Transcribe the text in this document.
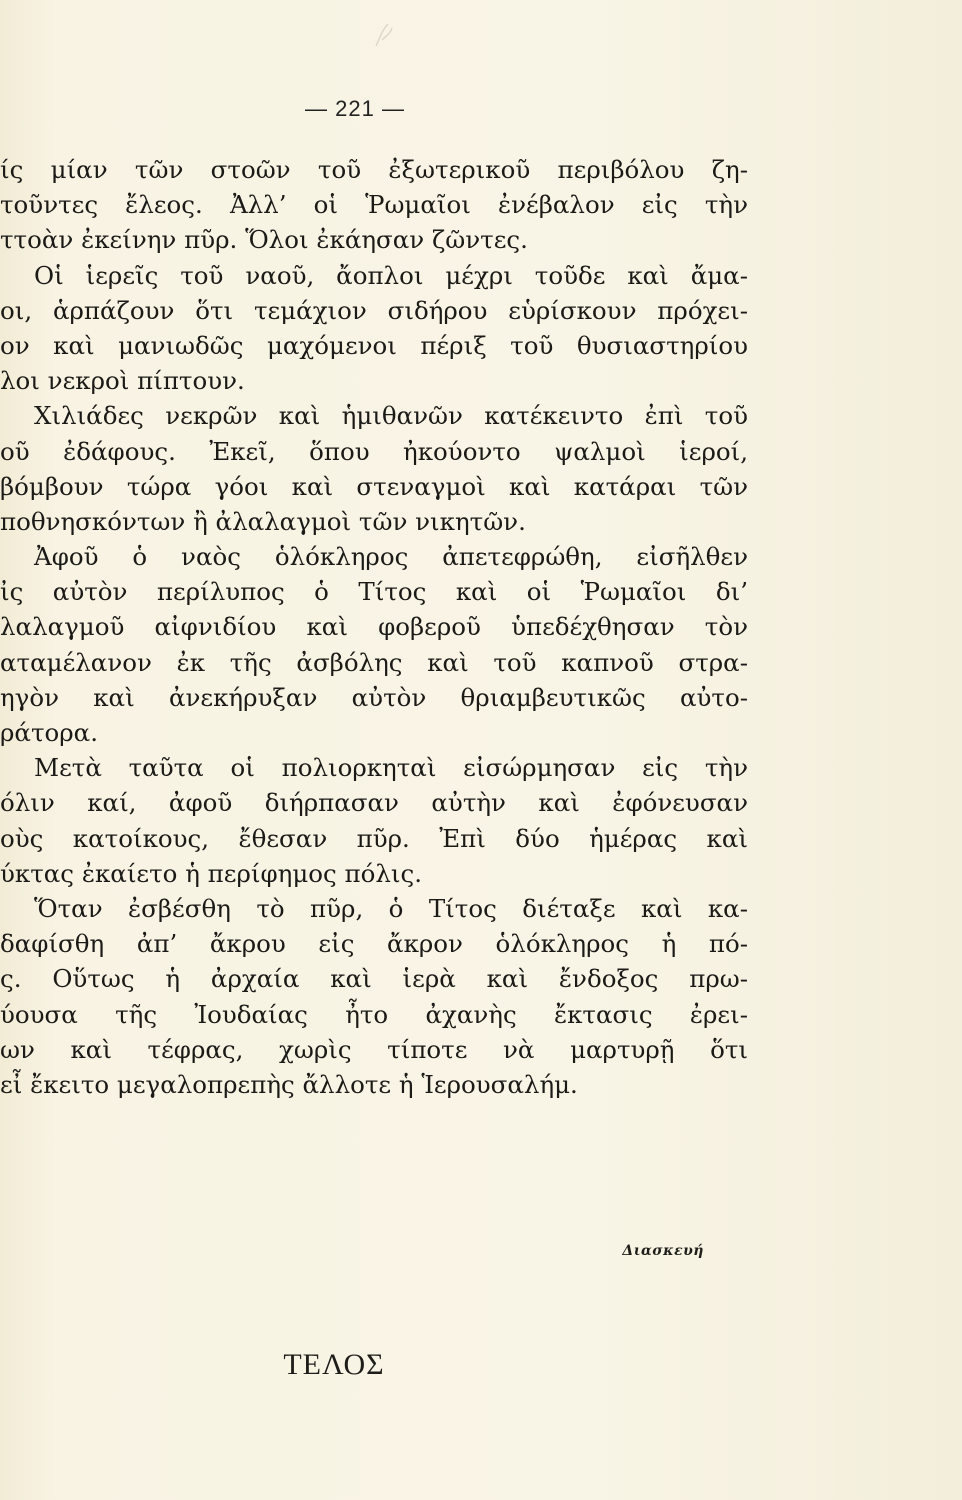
— 221 —
ίς μίαν τῶν στοῶν τοῦ ἐξωτερικοῦ περιβόλου ζη-
τοῦντες ἔλεος. Ἀλλ’ οἱ Ῥωμαῖοι ἐνέβαλον εἰς τὴν
ττοὰν ἐκείνην πῦρ. Ὅλοι ἐκάησαν ζῶντες.
Οἱ ἱερεῖς τοῦ ναοῦ, ἄοπλοι μέχρι τοῦδε καὶ ἄμα-
οι, ἁρπάζουν ὅτι τεμάχιον σιδήρου εὑρίσκουν πρόχει-
ον καὶ μανιωδῶς μαχόμενοι πέριξ τοῦ θυσιαστηρίου
λοι νεκροὶ πίπτουν.
Χιλιάδες νεκρῶν καὶ ἡμιθανῶν κατέκειντο ἐπὶ τοῦ
οῦ ἐδάφους. Ἐκεῖ, ὅπου ἠκούοντο ψαλμοὶ ἱερoί,
βόμβουν τώρα γόοι καὶ στεναγμοὶ καὶ κατάραι τῶν
ποθνησκόντων ἢ ἀλαλαγμοὶ τῶν νικητῶν.
Ἀφοῦ ὁ ναὸς ὁλόκληρος ἀπετεφρώθη, εἰσῆλθεν
ἰς αὐτὸν περίλυπος ὁ Τίτος καὶ οἱ Ῥωμαῖοι δι’
λαλαγμοῦ αἰφνιδίου καὶ φοβεροῦ ὑπεδέχθησαν τὸν
αταμέλανον ἐκ τῆς ἀσβόλης καὶ τοῦ καπνοῦ στρα-
ηγὸν καὶ ἀνεκήρυξαν αὐτὸν θριαμβευτικῶς αὐτο-
ράτορα.
Μετὰ ταῦτα οἱ πολιορκηταὶ εἰσώρμησαν εἰς τὴν
όλιν καί, ἀφοῦ διήρπασαν αὐτὴν καὶ ἐφόνευσαν
οὺς κατοίκους, ἔθεσαν πῦρ. Ἐπὶ δύο ἡμέρας καὶ
ύκτας ἐκαίετο ἡ περίφημος πόλις.
Ὅταν ἐσβέσθη τὸ πῦρ, ὁ Τίτος διέταξε καὶ κα-
δαφίσθη ἀπ’ ἄκρου εἰς ἄκρον ὁλόκληρος ἡ πό-
ς. Οὕτως ἡ ἀρχαία καὶ ἱερὰ καὶ ἔνδοξος πρω-
ύουσα τῆς Ἰουδαίας ἦτο ἀχανὴς ἔκτασις ἐρει-
ων καὶ τέφρας, χωρὶς τίποτε νὰ μαρτυρῇ ὅτι
εἶ ἔκειτο μεγαλοπρεπὴς ἄλλοτε ἡ Ἱερουσαλήμ.
Διασκευή
ΤΕΛΟΣ
